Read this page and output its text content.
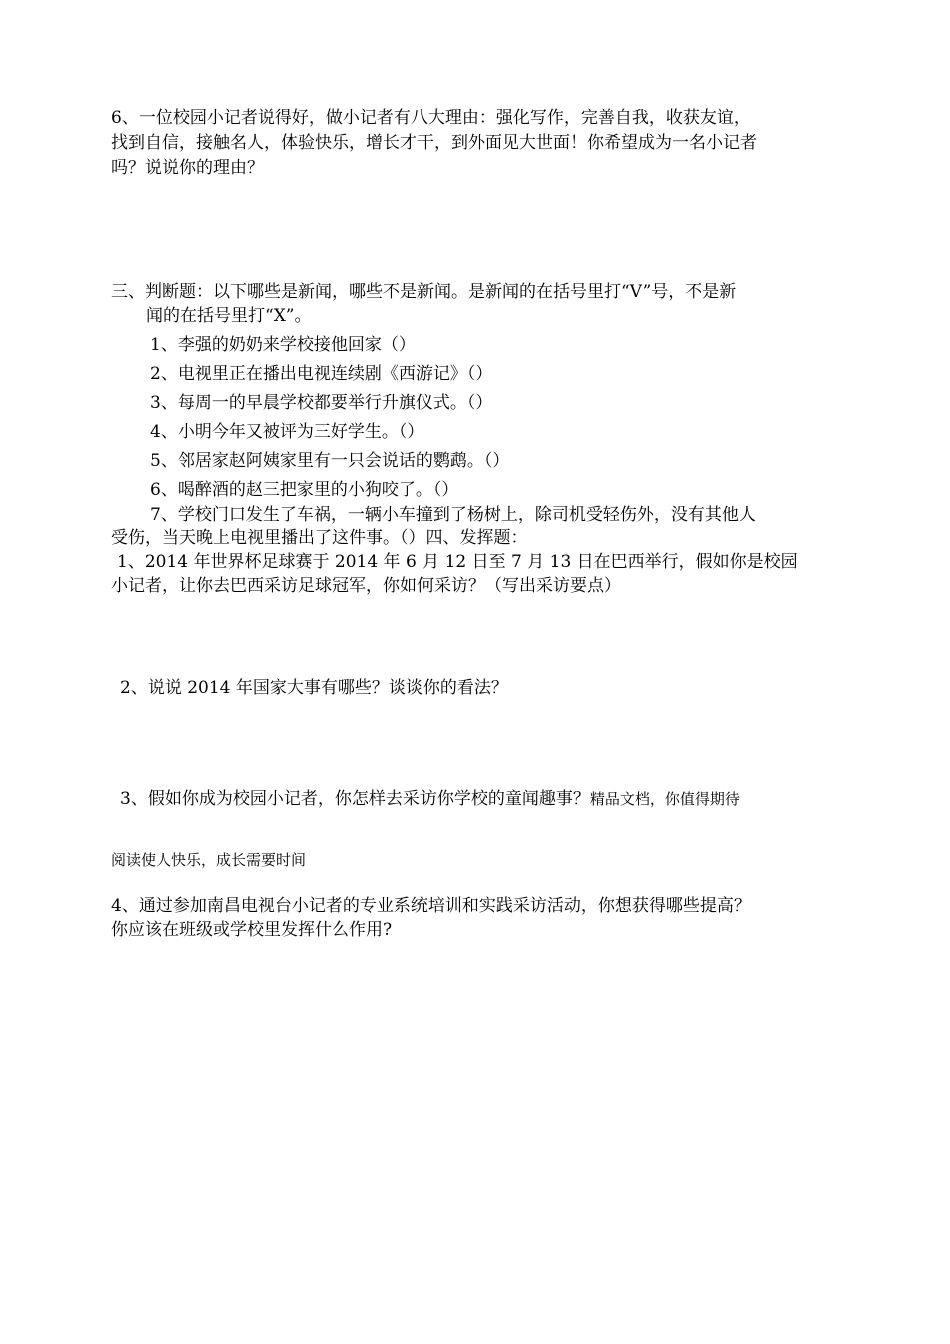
6、一位校园小记者说得好，做小记者有八大理由：强化写作，完善自我，收获友谊，
找到自信，接触名人，体验快乐，增长才干，到外面见大世面！你希望成为一名小记者
吗？说说你的理由？
三、判断题：以下哪些是新闻，哪些不是新闻。是新闻的在括号里打“V”号，不是新
闻的在括号里打“X”。
1、李强的奶奶来学校接他回家（）
2、电视里正在播出电视连续剧《西游记》（）
3、每周一的早晨学校都要举行升旗仪式。（）
4、小明今年又被评为三好学生。（）
5、邻居家赵阿姨家里有一只会说话的鹦鹉。（）
6、喝醉酒的赵三把家里的小狗咬了。（）
7、学校门口发生了车祸，一辆小车撞到了杨树上，除司机受轻伤外，没有其他人
受伤，当天晚上电视里播出了这件事。（）四、发挥题：
1、2014 年世界杯足球赛于 2014 年 6 月 12 日至 7 月 13 日在巴西举行，假如你是校园
小记者，让你去巴西采访足球冠军，你如何采访？（写出采访要点）
2、说说 2014 年国家大事有哪些？谈谈你的看法？
3、假如你成为校园小记者，你怎样去采访你学校的童闻趣事？精品文档，你值得期待
阅读使人快乐，成长需要时间
4、通过参加南昌电视台小记者的专业系统培训和实践采访活动，你想获得哪些提高？
你应该在班级或学校里发挥什么作用?
